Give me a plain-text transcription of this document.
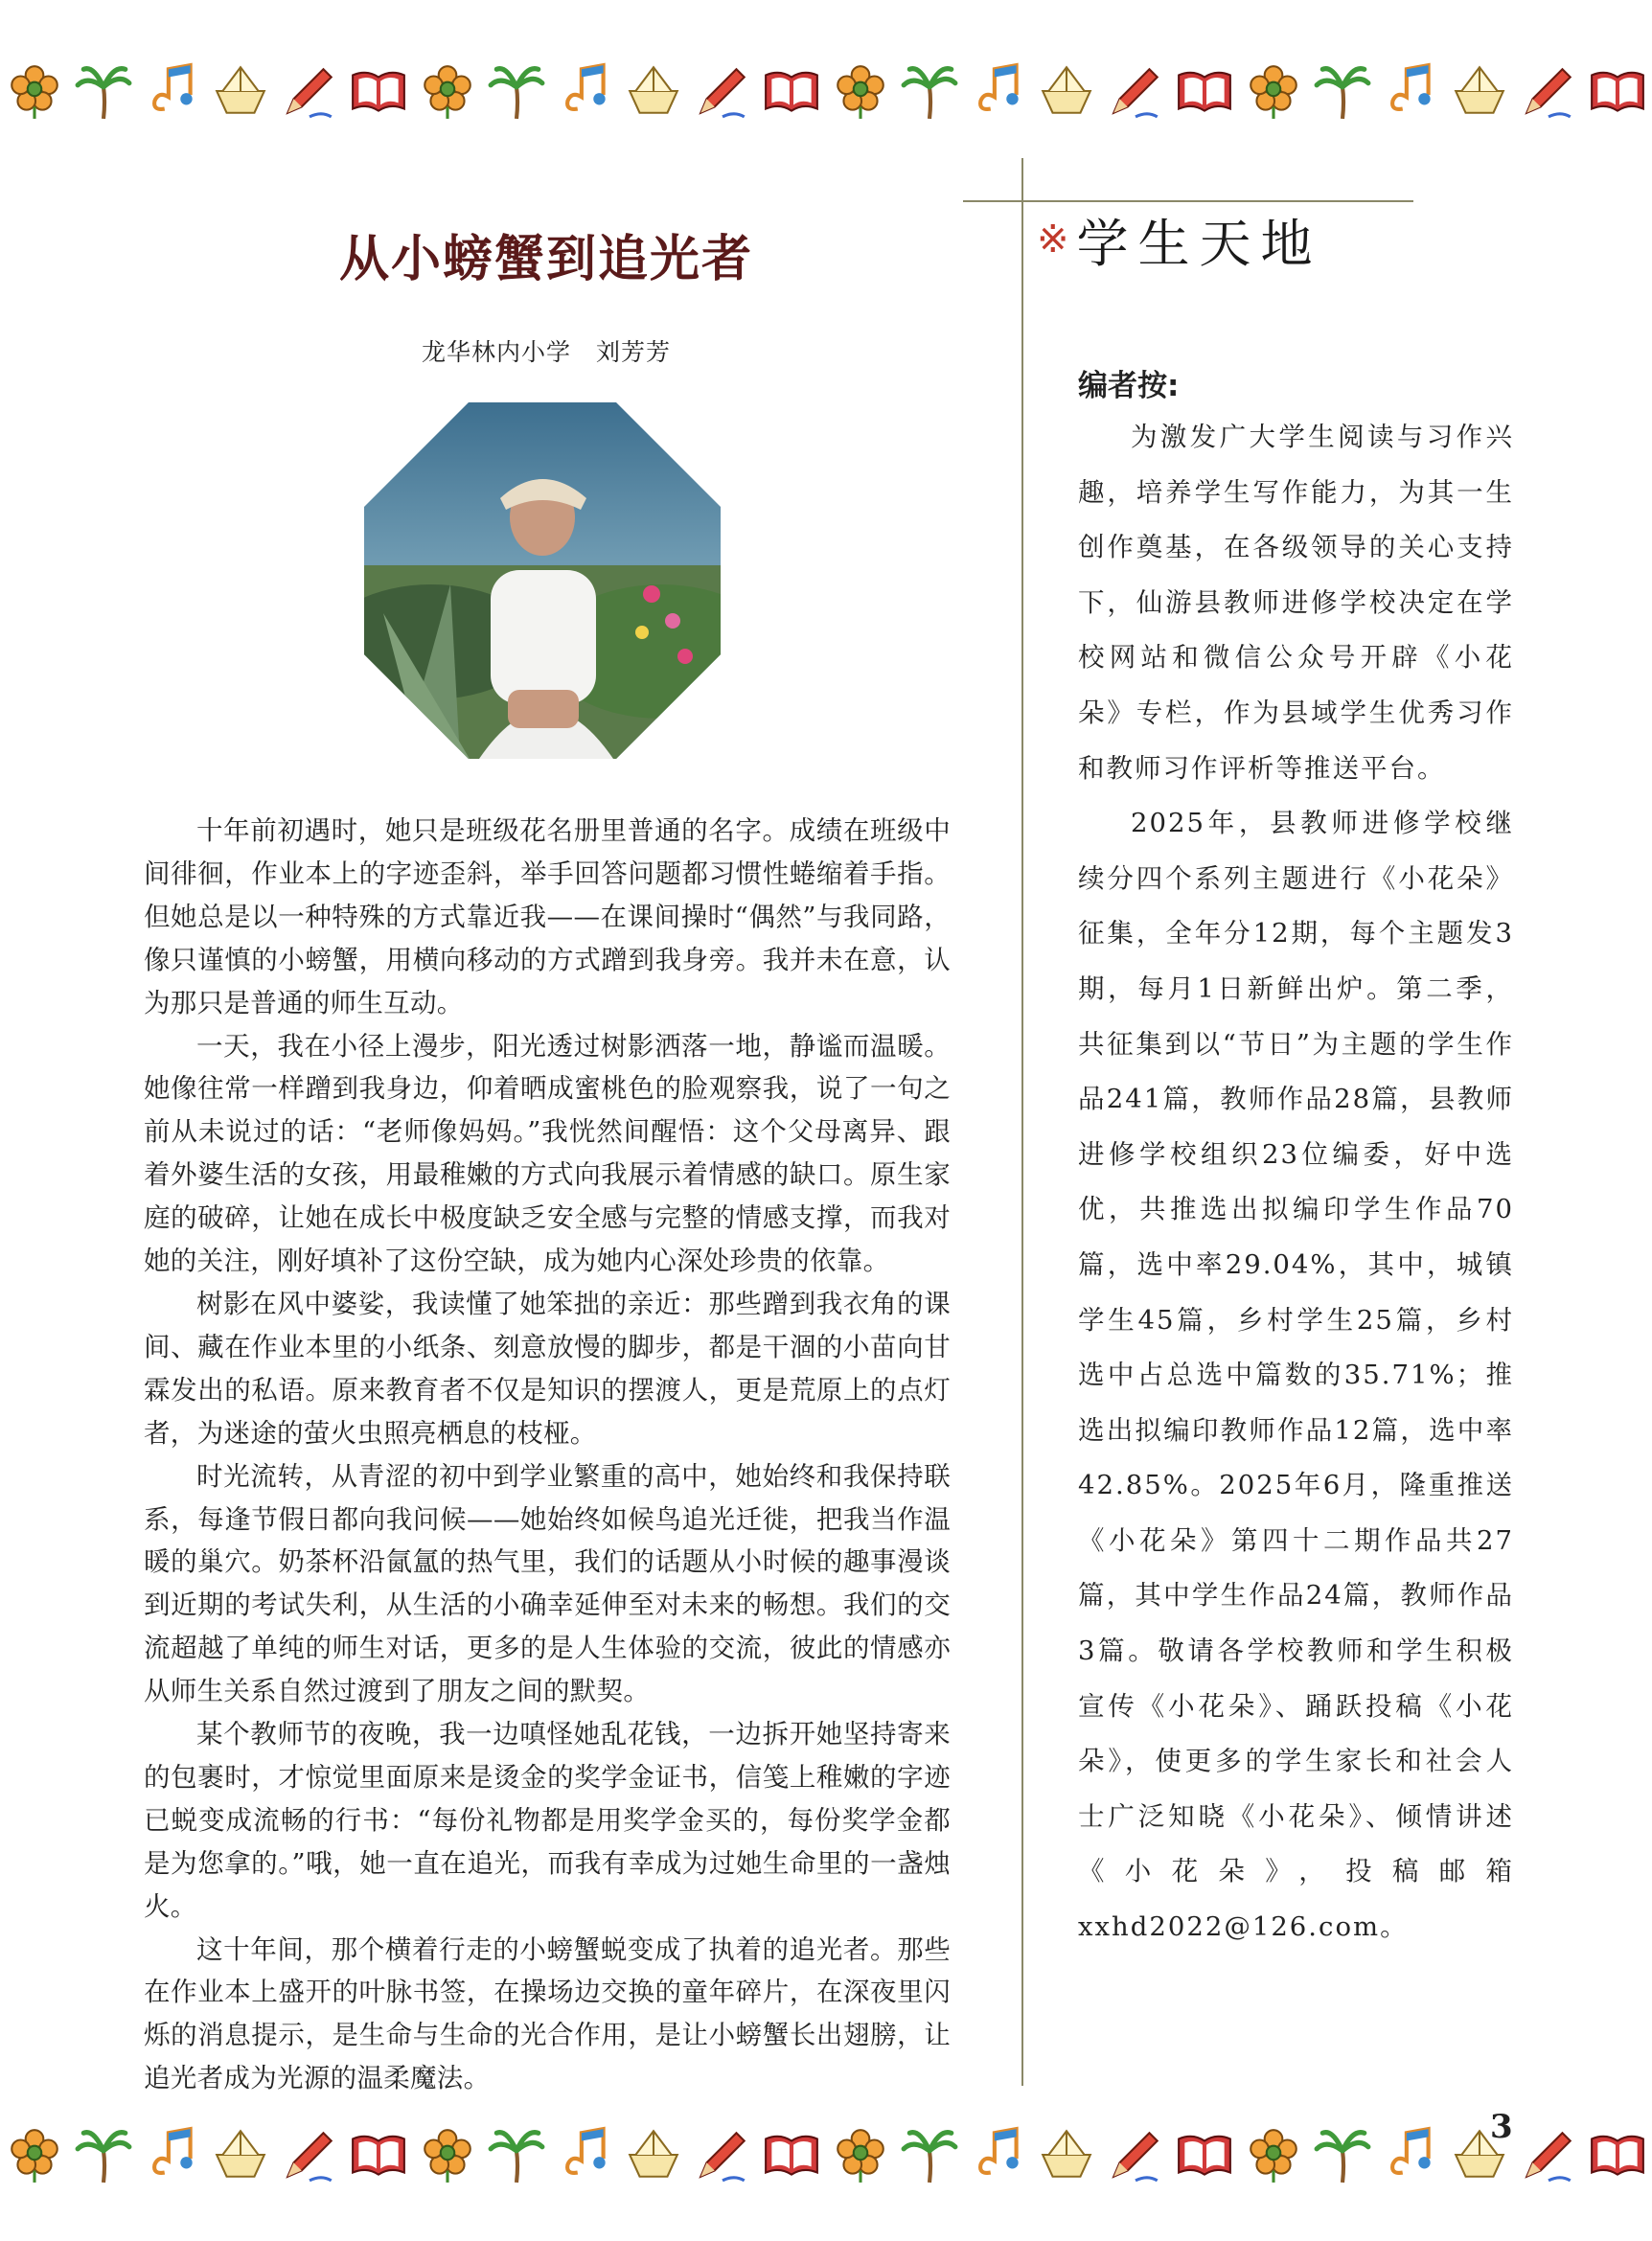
从小螃蟹到追光者
龙华林内小学　刘芳芳

十年前初遇时，她只是班级花名册里普通的名字。成绩在班级中间徘徊，作业本上的字迹歪斜，举手回答问题都习惯性蜷缩着手指。但她总是以一种特殊的方式靠近我——在课间操时“偶然”与我同路，像只谨慎的小螃蟹，用横向移动的方式蹭到我身旁。我并未在意，认为那只是普通的师生互动。

一天，我在小径上漫步，阳光透过树影洒落一地，静谧而温暖。她像往常一样蹭到我身边，仰着晒成蜜桃色的脸观察我，说了一句之前从未说过的话：“老师像妈妈。”我恍然间醒悟：这个父母离异、跟着外婆生活的女孩，用最稚嫩的方式向我展示着情感的缺口。原生家庭的破碎，让她在成长中极度缺乏安全感与完整的情感支撑，而我对她的关注，刚好填补了这份空缺，成为她内心深处珍贵的依靠。

树影在风中婆娑，我读懂了她笨拙的亲近：那些蹭到我衣角的课间、藏在作业本里的小纸条、刻意放慢的脚步，都是干涸的小苗向甘霖发出的私语。原来教育者不仅是知识的摆渡人，更是荒原上的点灯者，为迷途的萤火虫照亮栖息的枝桠。

时光流转，从青涩的初中到学业繁重的高中，她始终和我保持联系，每逢节假日都向我问候——她始终如候鸟追光迁徙，把我当作温暖的巢穴。奶茶杯沿氤氲的热气里，我们的话题从小时候的趣事漫谈到近期的考试失利，从生活的小确幸延伸至对未来的畅想。我们的交流超越了单纯的师生对话，更多的是人生体验的交流，彼此的情感亦从师生关系自然过渡到了朋友之间的默契。

某个教师节的夜晚，我一边嗔怪她乱花钱，一边拆开她坚持寄来的包裹时，才惊觉里面原来是烫金的奖学金证书，信笺上稚嫩的字迹已蜕变成流畅的行书：“每份礼物都是用奖学金买的，每份奖学金都是为您拿的。”哦，她一直在追光，而我有幸成为过她生命里的一盏烛火。

这十年间，那个横着行走的小螃蟹蜕变成了执着的追光者。那些在作业本上盛开的叶脉书签，在操场边交换的童年碎片，在深夜里闪烁的消息提示，是生命与生命的光合作用，是让小螃蟹长出翅膀，让追光者成为光源的温柔魔法。

※ 学生天地
编者按:

为激发广大学生阅读与习作兴趣，培养学生写作能力，为其一生创作奠基，在各级领导的关心支持下，仙游县教师进修学校决定在学校网站和微信公众号开辟《小花朵》专栏，作为县域学生优秀习作和教师习作评析等推送平台。

2025年，县教师进修学校继续分四个系列主题进行《小花朵》征集，全年分12期，每个主题发3期，每月1日新鲜出炉。第二季，共征集到以“节日”为主题的学生作品241篇，教师作品28篇，县教师进修学校组织23位编委，好中选优，共推选出拟编印学生作品70篇，选中率29.04%，其中，城镇学生45篇，乡村学生25篇，乡村选中占总选中篇数的35.71%；推选出拟编印教师作品12篇，选中率42.85%。2025年6月，隆重推送《小花朵》第四十二期作品共27篇，其中学生作品24篇，教师作品3篇。敬请各学校教师和学生积极宣传《小花朵》、踊跃投稿《小花朵》，使更多的学生家长和社会人士广泛知晓《小花朵》、倾情讲述《小花朵》，投稿邮箱xxhd2022@126.com。

3
